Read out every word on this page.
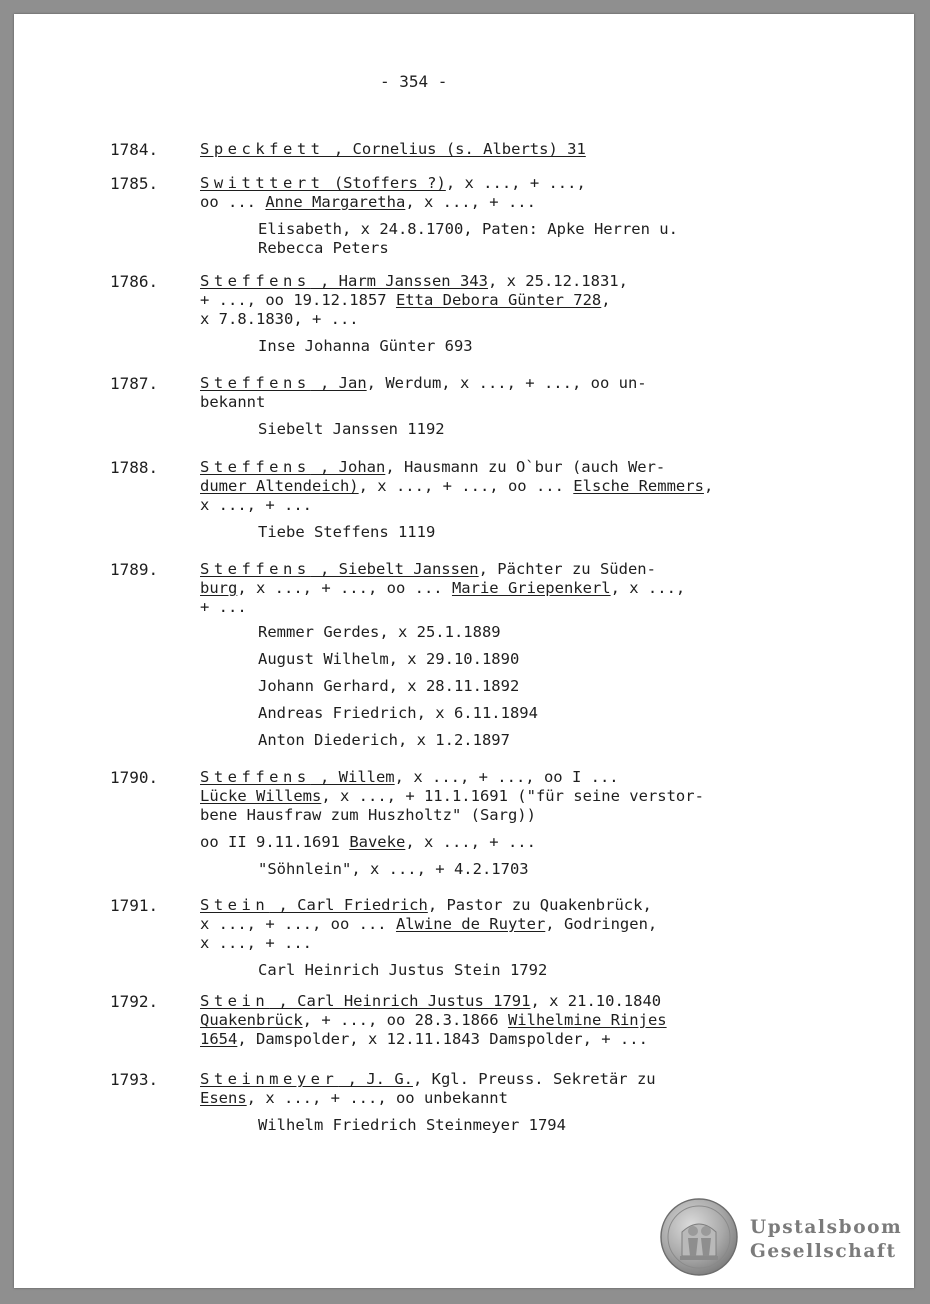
- 354 -
1784.	Speckfett , Cornelius (s. Alberts) 31
1785.	Switttert (Stoffers ?), x ..., + ...,
oo ... Anne Margaretha, x ..., + ...
Elisabeth, x 24.8.1700, Paten: Apke Herren u.
Rebecca Peters
1786.	Steffens , Harm Janssen 343, x 25.12.1831,
+ ..., oo 19.12.1857 Etta Debora Günter 728,
x 7.8.1830, + ...
Inse Johanna Günter 693
1787.	Steffens , Jan, Werdum, x ..., + ..., oo un-
bekannt
Siebelt Janssen 1192
1788.	Steffens , Johan, Hausmann zu O`bur (auch Wer-
dumer Altendeich), x ..., + ..., oo ... Elsche Remmers,
x ..., + ...
Tiebe Steffens 1119
1789.	Steffens , Siebelt Janssen, Pächter zu Süden-
burg, x ..., + ..., oo ... Marie Griepenkerl, x ...,
+ ...
Remmer Gerdes, x 25.1.1889
August Wilhelm, x 29.10.1890
Johann Gerhard, x 28.11.1892
Andreas Friedrich, x 6.11.1894
Anton Diederich, x 1.2.1897
1790.	Steffens , Willem, x ..., + ..., oo I ...
Lücke Willems, x ..., + 11.1.1691 ("für seine verstor-
bene Hausfraw zum Huszholtz" (Sarg))
oo II 9.11.1691 Baveke, x ..., + ...
"Söhnlein", x ..., + 4.2.1703
1791.	Stein , Carl Friedrich, Pastor zu Quakenbrück,
x ..., + ..., oo ... Alwine de Ruyter, Godringen,
x ..., + ...
Carl Heinrich Justus Stein 1792
1792.	Stein , Carl Heinrich Justus 1791, x 21.10.1840
Quakenbrück, + ..., oo 28.3.1866 Wilhelmine Rinjes
1654, Damspolder, x 12.11.1843 Damspolder, + ...
1793.	Steinmeyer , J. G., Kgl. Preuss. Sekretär zu
Esens, x ..., + ..., oo unbekannt
Wilhelm Friedrich Steinmeyer 1794
Upstalsboom
Gesellschaft
